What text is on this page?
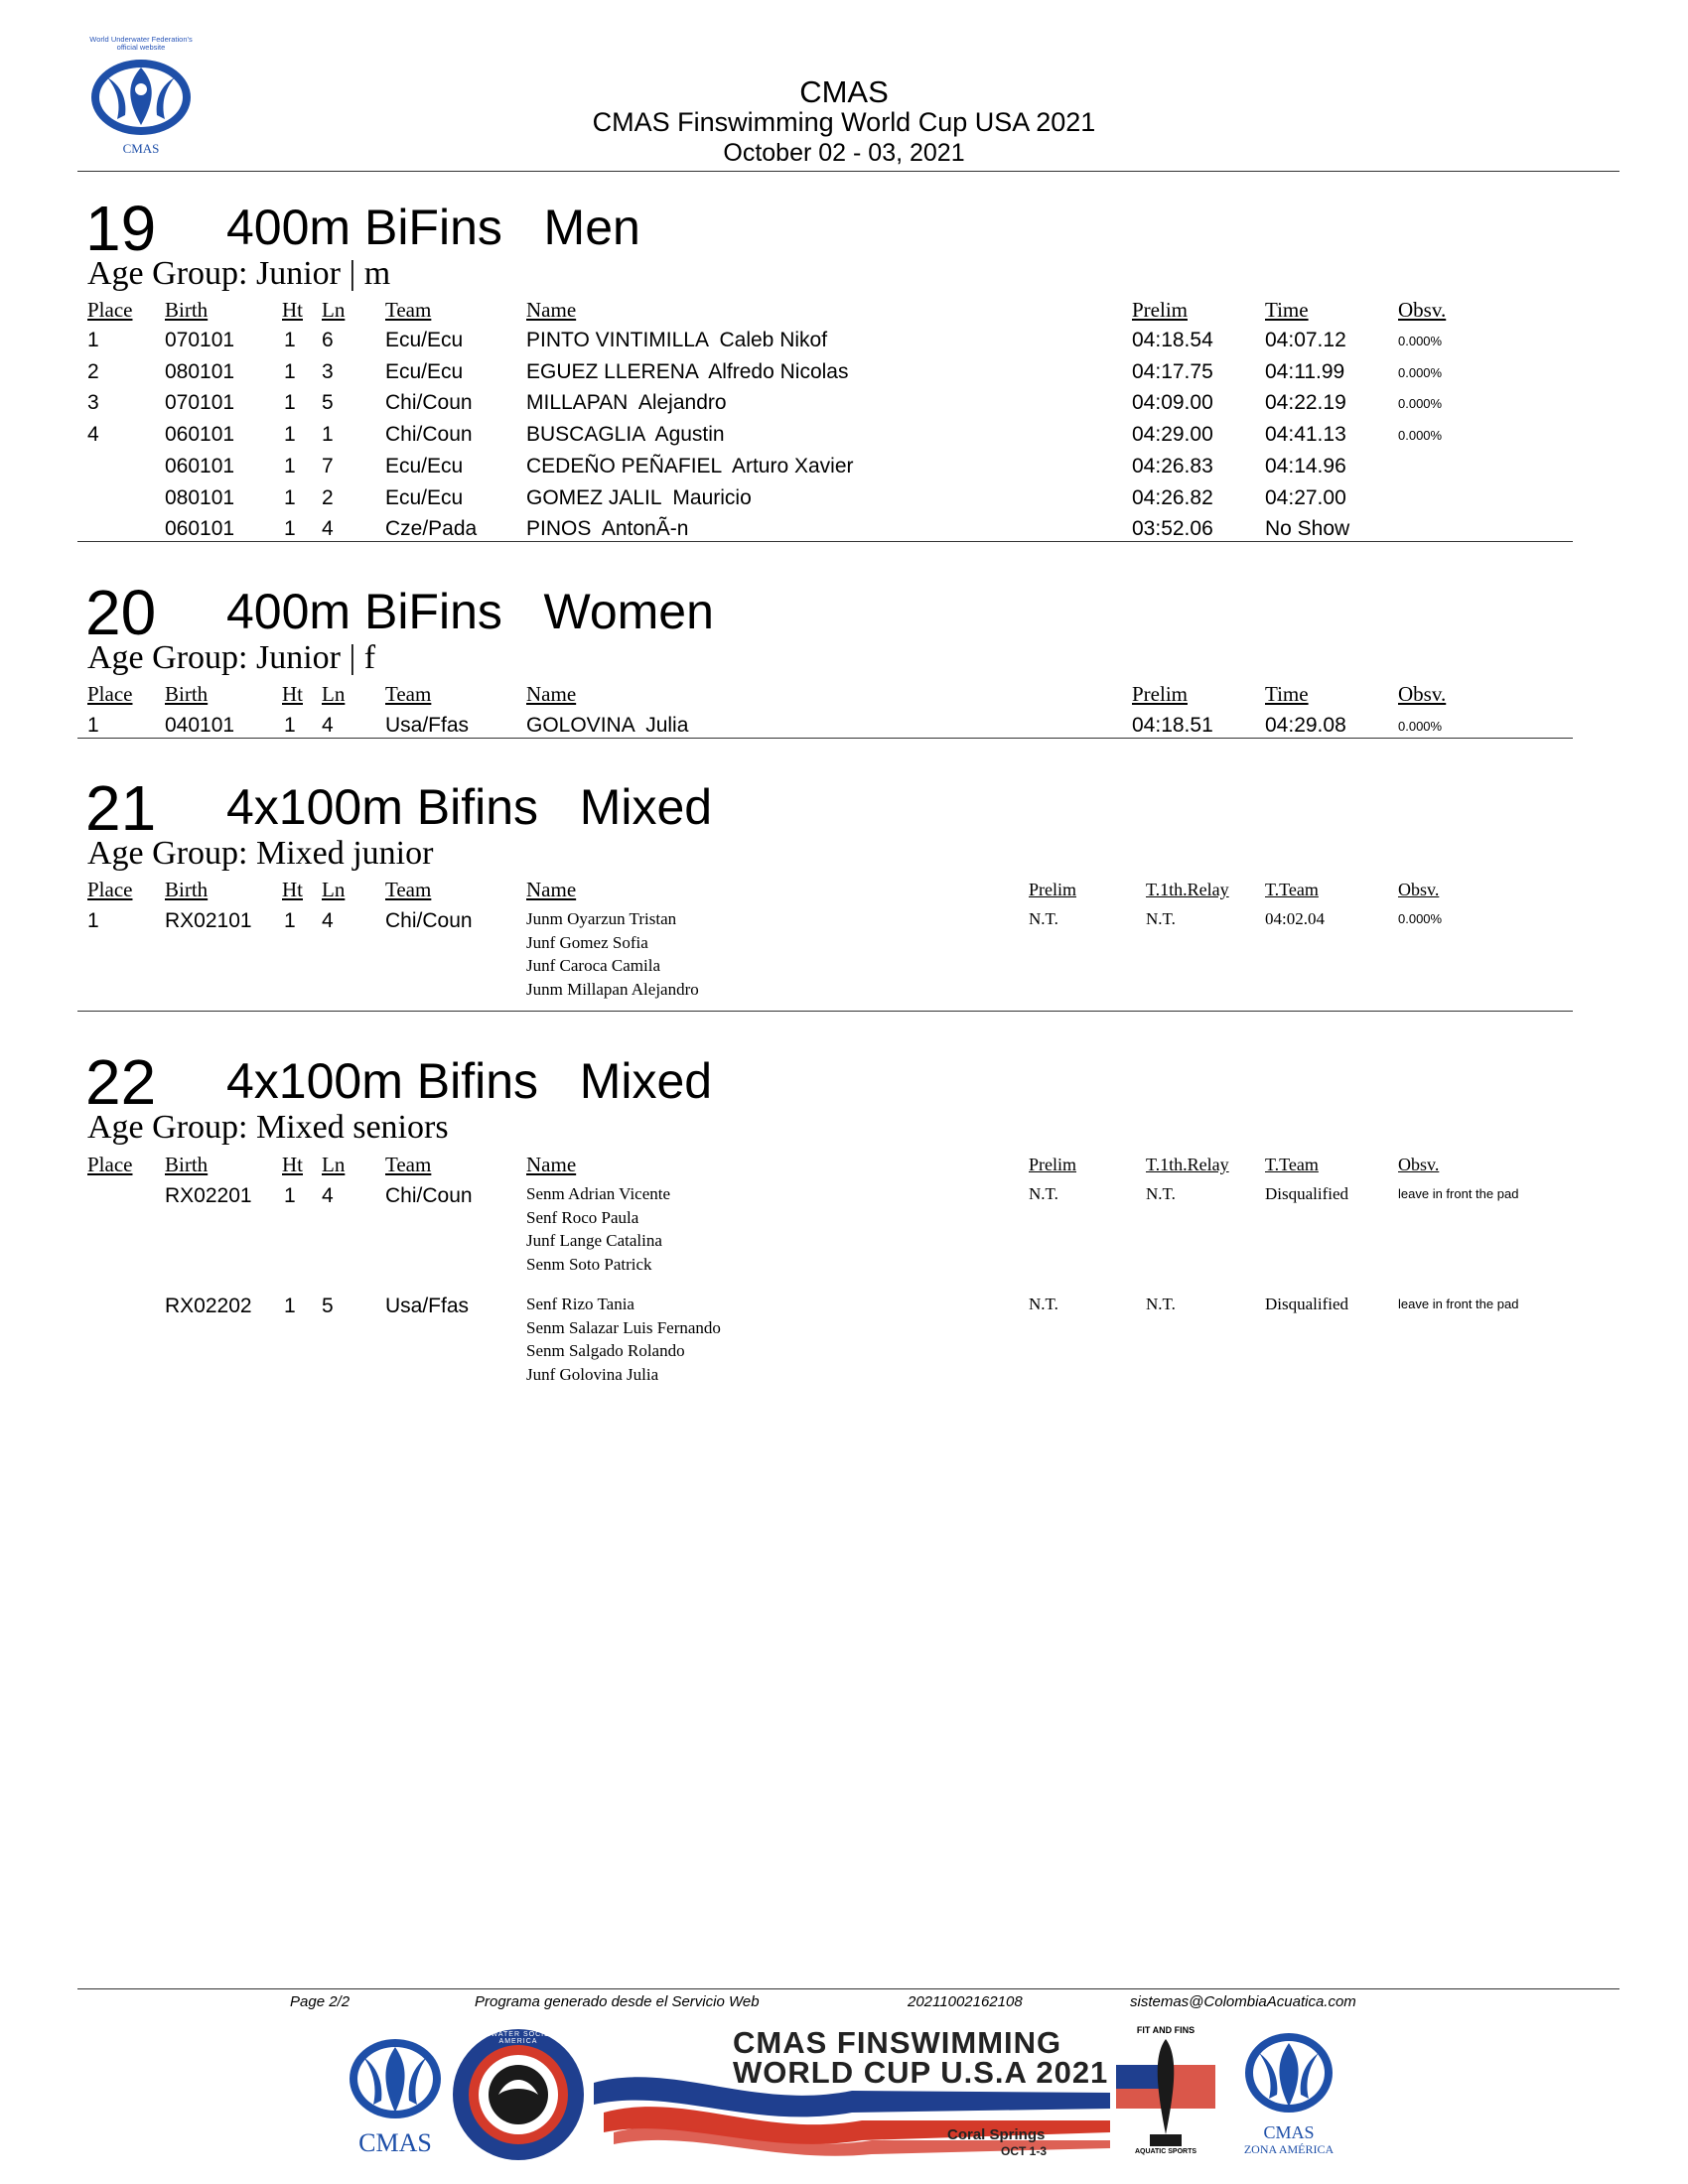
World Underwater Federation's
official website
CMAS
CMAS
CMAS Finswimming World Cup USA 2021
October 02 - 03, 2021
19 400m BiFins   Men
Age Group: Junior | m
Place Birth	Ht Ln Team	Name	Prelim	Time	Obsv.
1	070101 1 6 Ecu/Ecu	PINTO VINTIMILLA  Caleb Nikof	04:18.54 04:07.12	0.000%
2	080101 1 3 Ecu/Ecu	EGUEZ LLERENA  Alfredo Nicolas	04:17.75 04:11.99	0.000%
3	070101 1 5 Chi/Coun	MILLAPAN  Alejandro	04:09.00 04:22.19	0.000%
4	060101 1 1 Chi/Coun	BUSCAGLIA  Agustin	04:29.00 04:41.13	0.000%
060101 1 7 Ecu/Ecu	CEDEÑO PEÑAFIEL  Arturo Xavier	04:26.83 04:14.96
080101 1 2 Ecu/Ecu	GOMEZ JALIL  Mauricio	04:26.82 04:27.00
060101 1 4 Cze/Pada PINOS  AntonÃ-n	03:52.06 No Show
20 400m BiFins   Women
Age Group: Junior | f
Place Birth	Ht Ln Team	Name	Prelim	Time	Obsv.
1	040101 1 4 Usa/Ffas	GOLOVINA  Julia	04:18.51 04:29.08	0.000%
21 4x100m Bifins   Mixed
Age Group: Mixed junior
Place Birth	Ht Ln Team	Name	Prelim	T.1th.Relay T.Team	Obsv.
1	RX02101 1 4 Chi/Coun	Junm Oyarzun Tristan
Junf Gomez Sofia
Junf Caroca Camila
Junm Millapan Alejandro
N.T.	N.T.	04:02.04	0.000%
22 4x100m Bifins   Mixed
Age Group: Mixed seniors
Place Birth	Ht Ln Team	Name	Prelim	T.1th.Relay T.Team	Obsv.
RX02201 1 4 Chi/Coun	Senm Adrian Vicente
Senf Roco Paula
Junf Lange Catalina
Senm Soto Patrick
N.T.	N.T.	Disqualified	leave in front the pad
RX02202 1 5 Usa/Ffas	Senf Rizo Tania
Senm Salazar Luis Fernando
Senm Salgado Rolando
Junf Golovina Julia
N.T.	N.T.	Disqualified	leave in front the pad
Page 2/2	Programa generado desde el Servicio Web	20211002162108	sistemas@ColombiaAcuatica.com
CMAS
UNDERWATER SOCIETY OF AMERICA	CMAS FINSWIMMING
WORLD CUP U.S.A 2021
Coral Springs
OCT 1-3
FIT AND FINS
AQUATIC SPORTS
CMAS
ZONA AMÉRICA
